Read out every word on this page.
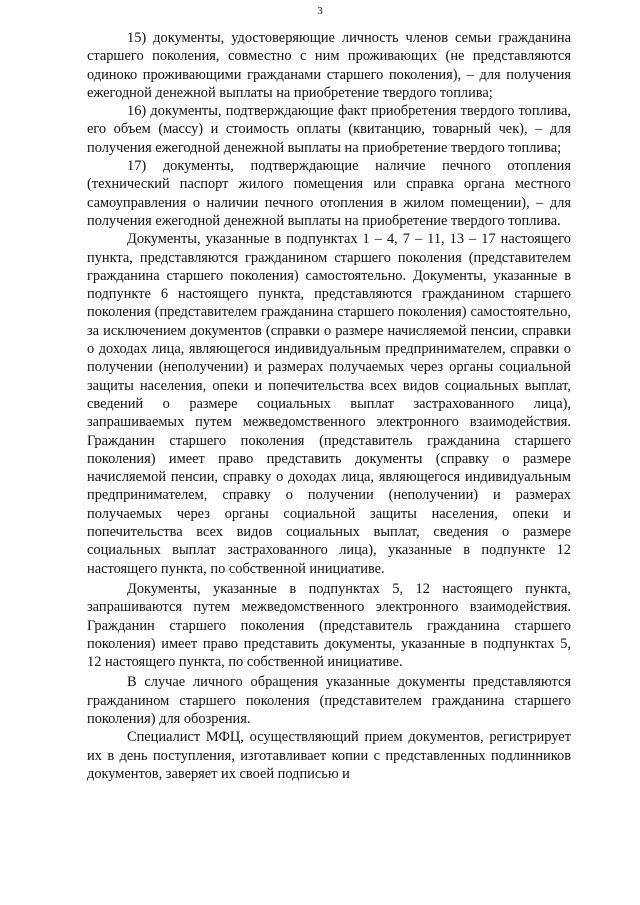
3

15) документы, удостоверяющие личность членов семьи гражданина старшего поколения, совместно с ним проживающих (не представляются одиноко проживающими гражданами старшего поколения), – для получения ежегодной денежной выплаты на приобретение твердого топлива;

16) документы, подтверждающие факт приобретения твердого топлива, его объем (массу) и стоимость оплаты (квитанцию, товарный чек), – для получения ежегодной денежной выплаты на приобретение твердого топлива;

17) документы, подтверждающие наличие печного отопления (технический паспорт жилого помещения или справка органа местного самоуправления о наличии печного отопления в жилом помещении), – для получения ежегодной денежной выплаты на приобретение твердого топлива.

Документы, указанные в подпунктах 1 – 4, 7 – 11, 13 – 17 настоящего пункта, представляются гражданином старшего поколения (представителем гражданина старшего поколения) самостоятельно. Документы, указанные в подпункте 6 настоящего пункта, представляются гражданином старшего поколения (представителем гражданина старшего поколения) самостоятельно, за исключением документов (справки о размере начисляемой пенсии, справки о доходах лица, являющегося индивидуальным предпринимателем, справки о получении (неполучении) и размерах получаемых через органы социальной защиты населения, опеки и попечительства всех видов социальных выплат, сведений о размере социальных выплат застрахованного лица), запрашиваемых путем межведомственного электронного взаимодействия. Гражданин старшего поколения (представитель гражданина старшего поколения) имеет право представить документы (справку о размере начисляемой пенсии, справку о доходах лица, являющегося индивидуальным предпринимателем, справку о получении (неполучении) и размерах получаемых через органы социальной защиты населения, опеки и попечительства всех видов социальных выплат, сведения о размере социальных выплат застрахованного лица), указанные в подпункте 12 настоящего пункта, по собственной инициативе.

Документы, указанные в подпунктах 5, 12 настоящего пункта, запрашиваются путем межведомственного электронного взаимодействия. Гражданин старшего поколения (представитель гражданина старшего поколения) имеет право представить документы, указанные в подпунктах 5, 12 настоящего пункта, по собственной инициативе.

В случае личного обращения указанные документы представляются гражданином старшего поколения (представителем гражданина старшего поколения) для обозрения.

Специалист МФЦ, осуществляющий прием документов, регистрирует их в день поступления, изготавливает копии с представленных подлинников документов, заверяет их своей подписью и
